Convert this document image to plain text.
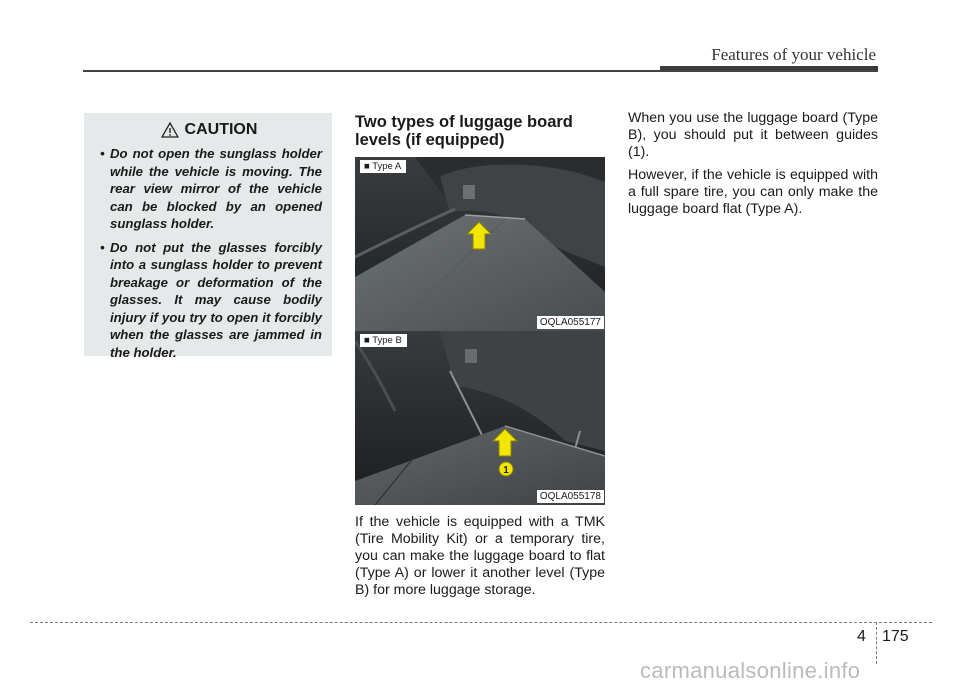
Features of your vehicle
CAUTION
• Do not open the sunglass holder while the vehicle is moving. The rear view mirror of the vehicle can be blocked by an opened sunglass holder.
• Do not put the glasses forcibly into a sunglass holder to prevent breakage or deformation of the glasses. It may cause bodily injury if you try to open it forcibly when the glasses are jammed in the holder.
Two types of luggage board levels (if equipped)
■ Type A
OQLA055177
1
■ Type B
OQLA055178

If the vehicle is equipped with a TMK (Tire Mobility Kit) or a temporary tire, you can make the luggage board to flat (Type A) or lower it another level (Type B) for more luggage storage.

When you use the luggage board (Type B), you should put it between guides (1).

However, if the vehicle is equipped with a full spare tire, you can only make the luggage board flat (Type A).

4 175
carmanualsonline.info
